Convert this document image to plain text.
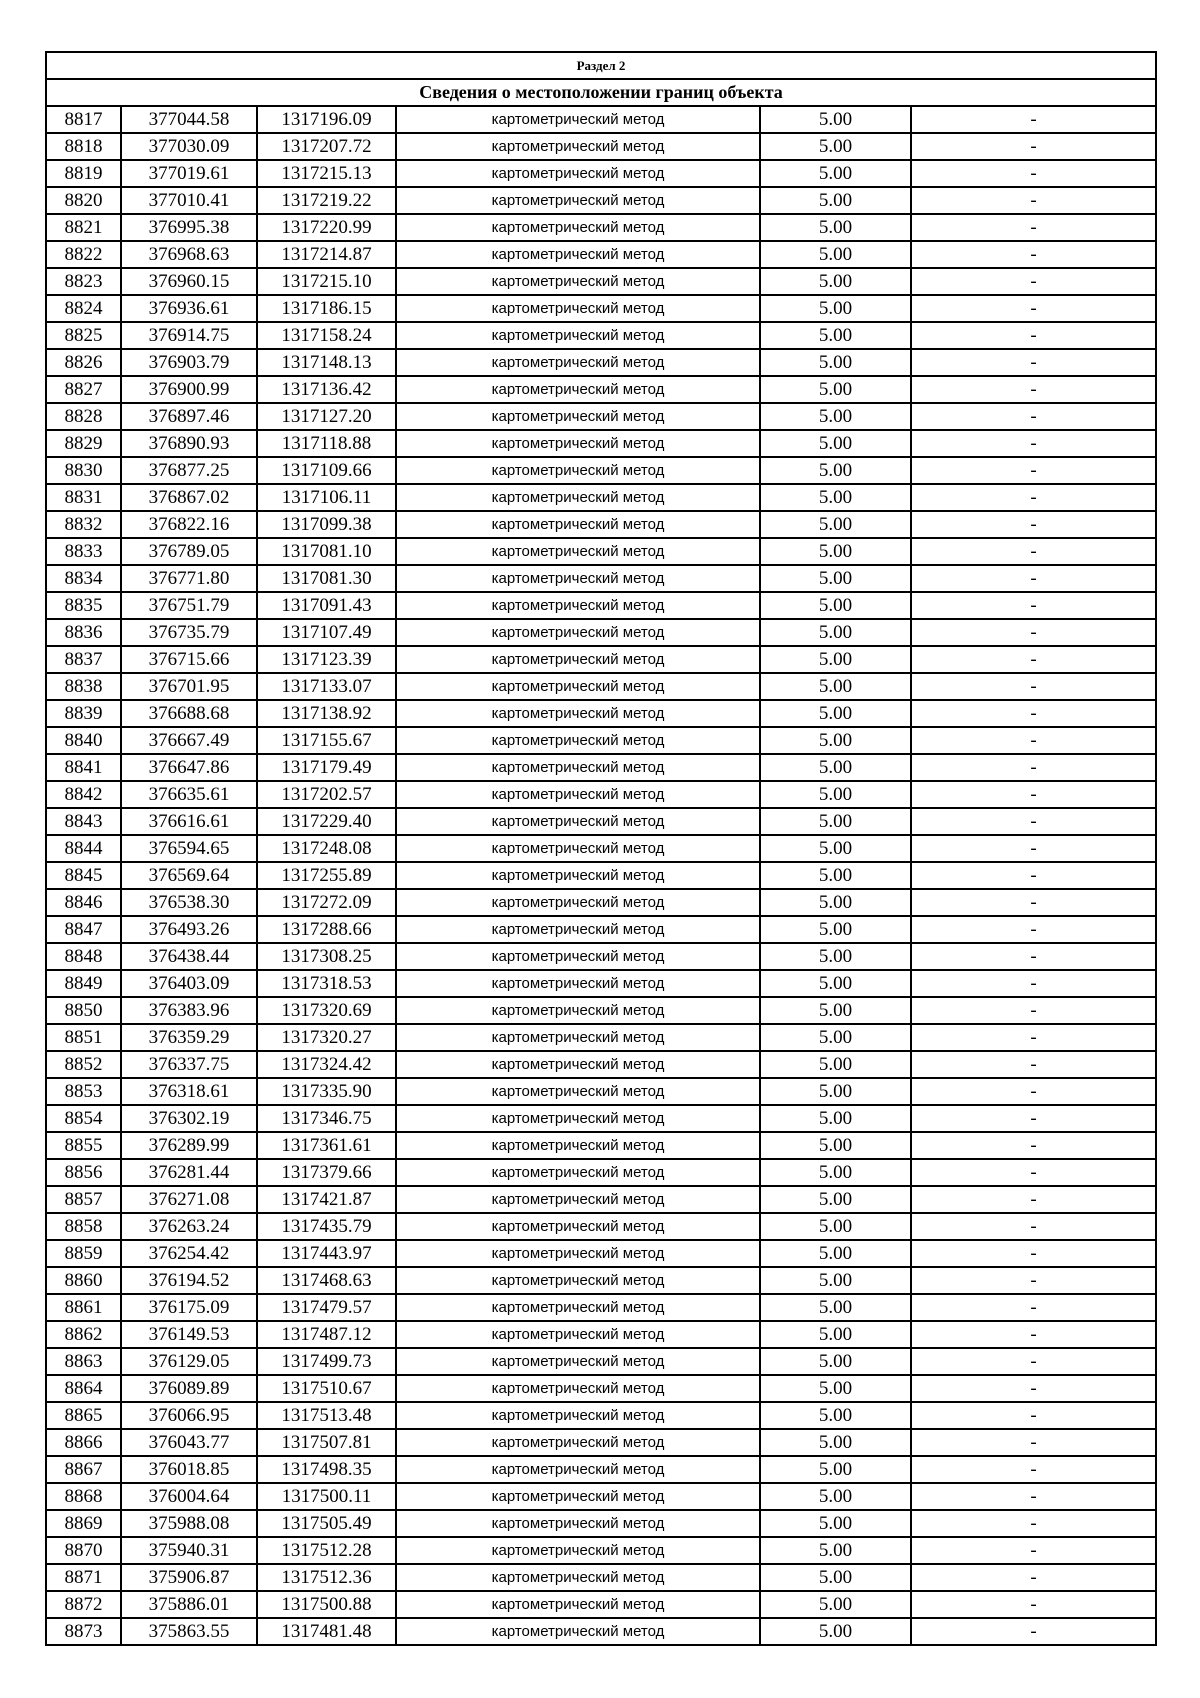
Раздел 2					
Сведения о местоположении границ объекта					
8817	377044.58	1317196.09	картометрический метод	5.00	-
8818	377030.09	1317207.72	картометрический метод	5.00	-
8819	377019.61	1317215.13	картометрический метод	5.00	-
8820	377010.41	1317219.22	картометрический метод	5.00	-
8821	376995.38	1317220.99	картометрический метод	5.00	-
8822	376968.63	1317214.87	картометрический метод	5.00	-
8823	376960.15	1317215.10	картометрический метод	5.00	-
8824	376936.61	1317186.15	картометрический метод	5.00	-
8825	376914.75	1317158.24	картометрический метод	5.00	-
8826	376903.79	1317148.13	картометрический метод	5.00	-
8827	376900.99	1317136.42	картометрический метод	5.00	-
8828	376897.46	1317127.20	картометрический метод	5.00	-
8829	376890.93	1317118.88	картометрический метод	5.00	-
8830	376877.25	1317109.66	картометрический метод	5.00	-
8831	376867.02	1317106.11	картометрический метод	5.00	-
8832	376822.16	1317099.38	картометрический метод	5.00	-
8833	376789.05	1317081.10	картометрический метод	5.00	-
8834	376771.80	1317081.30	картометрический метод	5.00	-
8835	376751.79	1317091.43	картометрический метод	5.00	-
8836	376735.79	1317107.49	картометрический метод	5.00	-
8837	376715.66	1317123.39	картометрический метод	5.00	-
8838	376701.95	1317133.07	картометрический метод	5.00	-
8839	376688.68	1317138.92	картометрический метод	5.00	-
8840	376667.49	1317155.67	картометрический метод	5.00	-
8841	376647.86	1317179.49	картометрический метод	5.00	-
8842	376635.61	1317202.57	картометрический метод	5.00	-
8843	376616.61	1317229.40	картометрический метод	5.00	-
8844	376594.65	1317248.08	картометрический метод	5.00	-
8845	376569.64	1317255.89	картометрический метод	5.00	-
8846	376538.30	1317272.09	картометрический метод	5.00	-
8847	376493.26	1317288.66	картометрический метод	5.00	-
8848	376438.44	1317308.25	картометрический метод	5.00	-
8849	376403.09	1317318.53	картометрический метод	5.00	-
8850	376383.96	1317320.69	картометрический метод	5.00	-
8851	376359.29	1317320.27	картометрический метод	5.00	-
8852	376337.75	1317324.42	картометрический метод	5.00	-
8853	376318.61	1317335.90	картометрический метод	5.00	-
8854	376302.19	1317346.75	картометрический метод	5.00	-
8855	376289.99	1317361.61	картометрический метод	5.00	-
8856	376281.44	1317379.66	картометрический метод	5.00	-
8857	376271.08	1317421.87	картометрический метод	5.00	-
8858	376263.24	1317435.79	картометрический метод	5.00	-
8859	376254.42	1317443.97	картометрический метод	5.00	-
8860	376194.52	1317468.63	картометрический метод	5.00	-
8861	376175.09	1317479.57	картометрический метод	5.00	-
8862	376149.53	1317487.12	картометрический метод	5.00	-
8863	376129.05	1317499.73	картометрический метод	5.00	-
8864	376089.89	1317510.67	картометрический метод	5.00	-
8865	376066.95	1317513.48	картометрический метод	5.00	-
8866	376043.77	1317507.81	картометрический метод	5.00	-
8867	376018.85	1317498.35	картометрический метод	5.00	-
8868	376004.64	1317500.11	картометрический метод	5.00	-
8869	375988.08	1317505.49	картометрический метод	5.00	-
8870	375940.31	1317512.28	картометрический метод	5.00	-
8871	375906.87	1317512.36	картометрический метод	5.00	-
8872	375886.01	1317500.88	картометрический метод	5.00	-
8873	375863.55	1317481.48	картометрический метод	5.00	-
